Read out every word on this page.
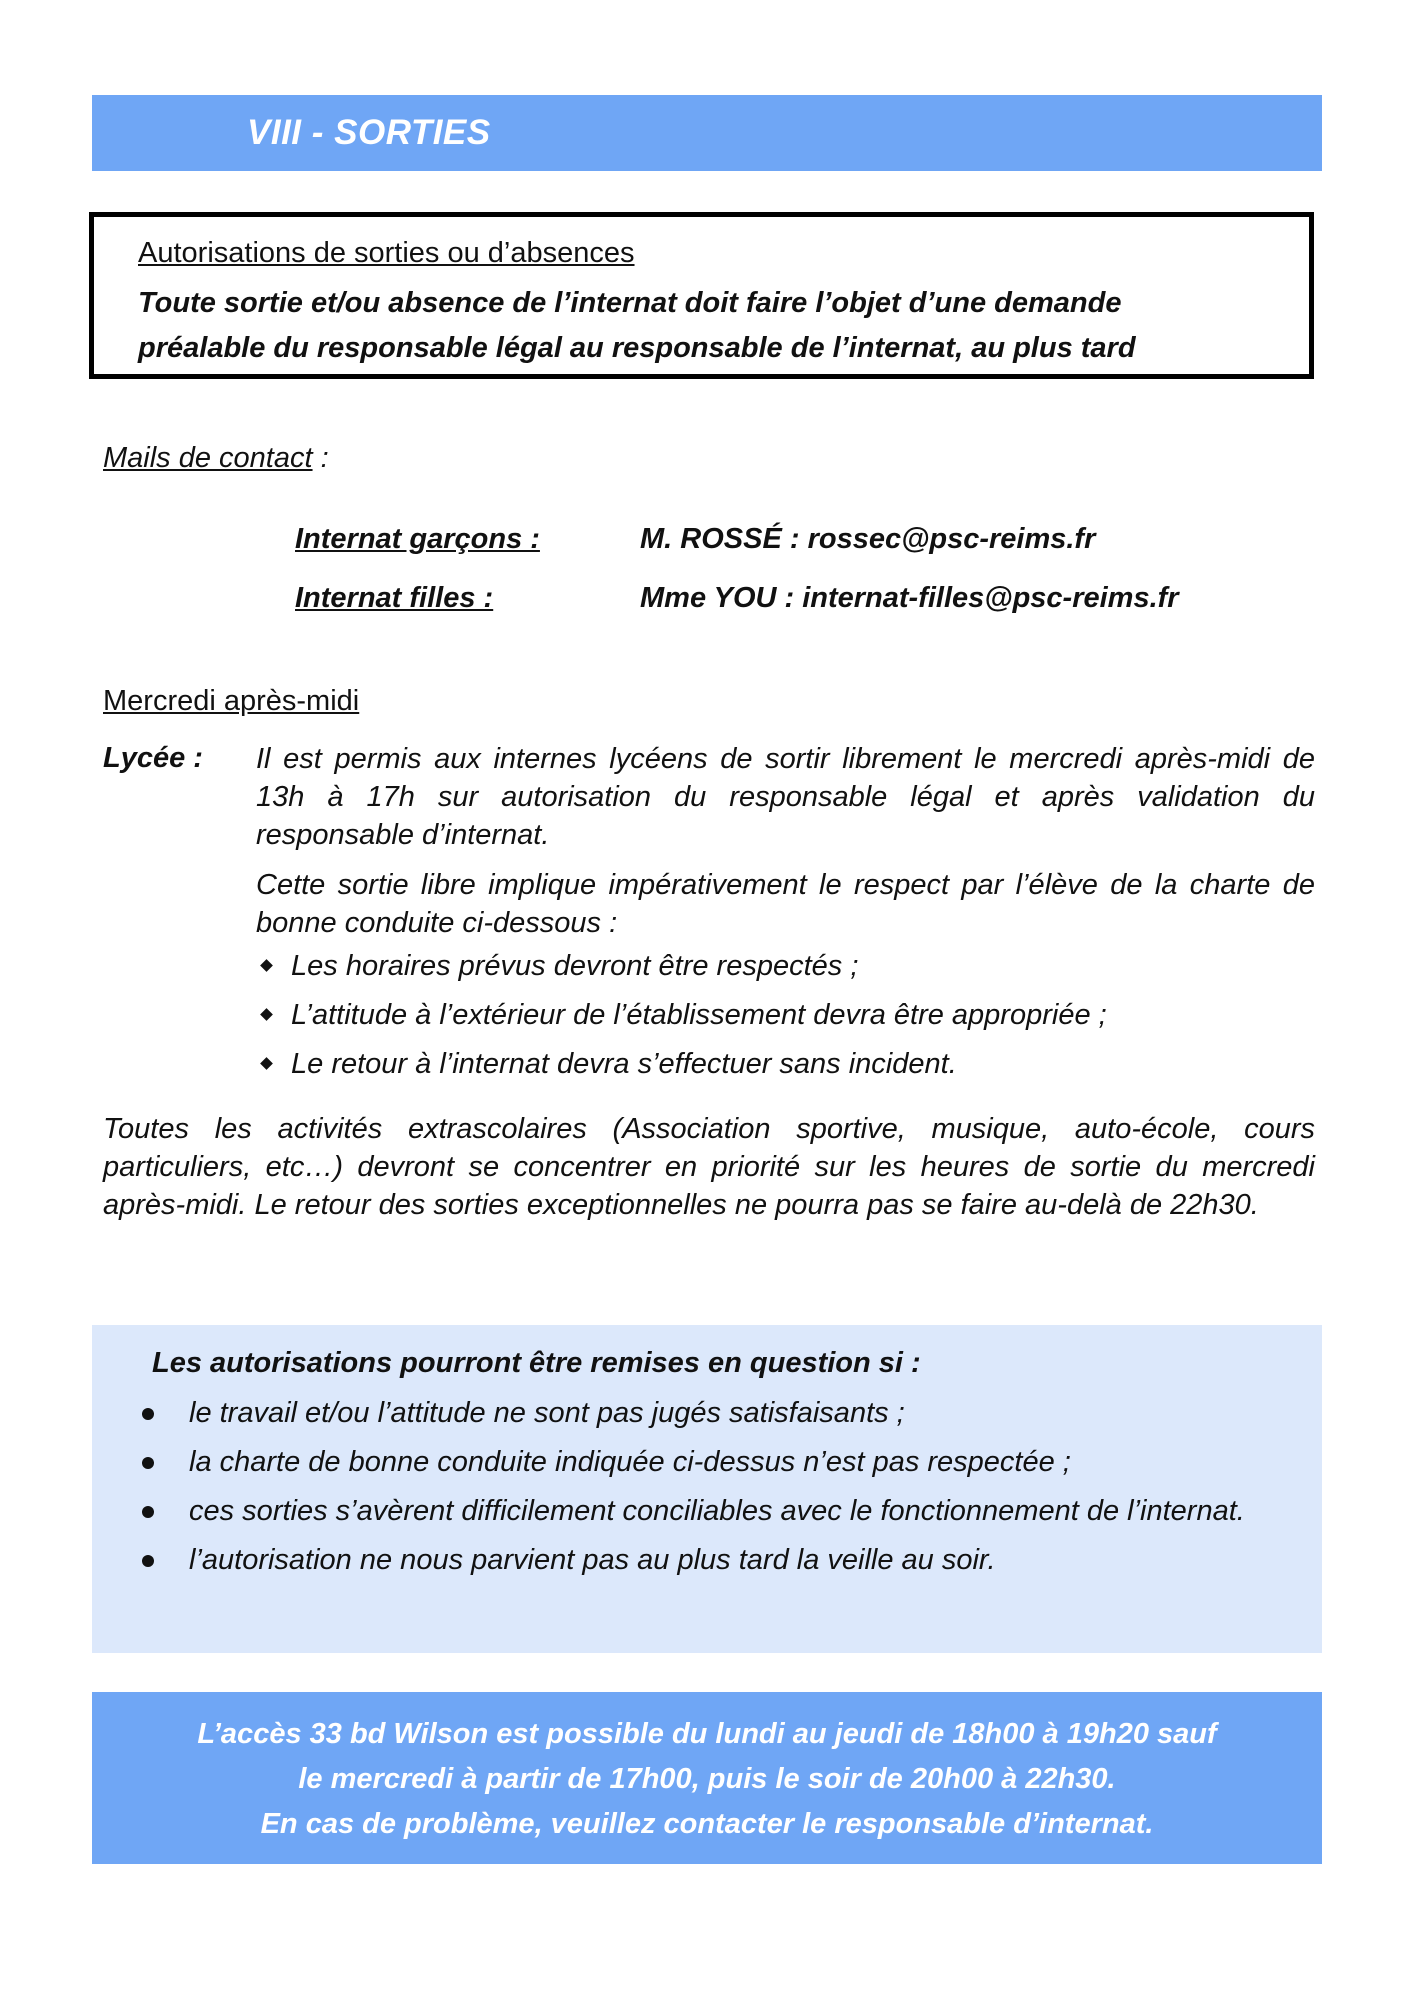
VIII - SORTIES
Autorisations de sorties ou d’absences
Toute sortie et/ou absence de l’internat doit faire l’objet d’une demande
préalable du responsable légal au responsable de l’internat, au plus tard
Mails de contact :
Internat garçons :	M. ROSSÉ : rossec@psc-reims.fr
Internat filles :	Mme YOU : internat-filles@psc-reims.fr
Mercredi après-midi
Lycée : Il est permis aux internes lycéens de sortir librement le mercredi après-midi de 13h à 17h sur autorisation du responsable légal et après validation du responsable d’internat.
Cette sortie libre implique impérativement le respect par l’élève de la charte de bonne conduite ci-dessous :
Les horaires prévus devront être respectés ;
L’attitude à l’extérieur de l’établissement devra être appropriée ;
Le retour à l’internat devra s’effectuer sans incident.
Toutes les activités extrascolaires (Association sportive, musique, auto-école, cours particuliers, etc…) devront se concentrer en priorité sur les heures de sortie du mercredi après-midi. Le retour des sorties exceptionnelles ne pourra pas se faire au-delà de 22h30.
Les autorisations pourront être remises en question si :
le travail et/ou l’attitude ne sont pas jugés satisfaisants ;
la charte de bonne conduite indiquée ci-dessus n’est pas respectée ;
ces sorties s’avèrent difficilement conciliables avec le fonctionnement de l’internat.
l’autorisation ne nous parvient pas au plus tard la veille au soir.
L’accès 33 bd Wilson est possible du lundi au jeudi de 18h00 à 19h20 sauf
le mercredi à partir de 17h00, puis le soir de 20h00 à 22h30.
En cas de problème, veuillez contacter le responsable d’internat.
